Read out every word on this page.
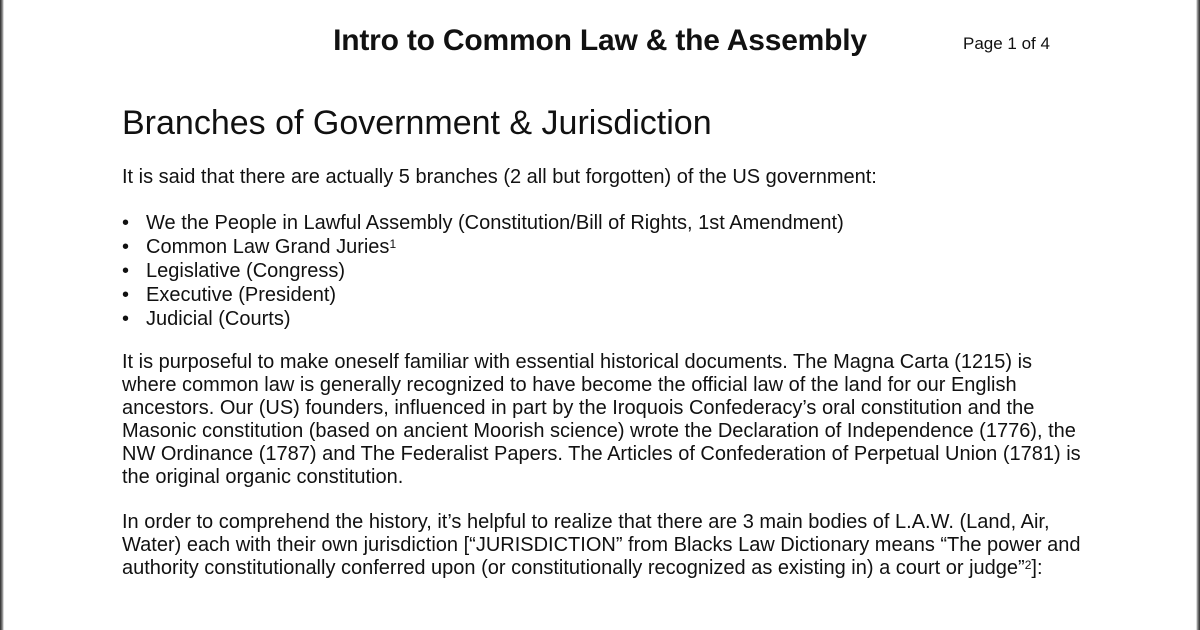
Intro to Common Law & the Assembly	Page 1 of 4
Branches of Government & Jurisdiction

It is said that there are actually 5 branches (2 all but forgotten) of the US government:

• We the People in Lawful Assembly (Constitution/Bill of Rights, 1st Amendment)
• Common Law Grand Juries$^1$
• Legislative (Congress)
• Executive (President)
• Judicial (Courts)

It is purposeful to make oneself familiar with essential historical documents. The Magna Carta (1215) is where common law is generally recognized to have become the official law of the land for our English ancestors. Our (US) founders, influenced in part by the Iroquois Confederacy’s oral constitution and the Masonic constitution (based on ancient Moorish science) wrote the Declaration of Independence (1776), the NW Ordinance (1787) and The Federalist Papers. The Articles of Confederation of Perpetual Union (1781) is the original organic constitution.

In order to comprehend the history, it’s helpful to realize that there are 3 main bodies of L.A.W. (Land, Air, Water) each with their own jurisdiction [“JURISDICTION” from Blacks Law Dictionary means “The power and authority constitutionally conferred upon (or constitutionally recognized as existing in) a court or judge”$^2$]:
